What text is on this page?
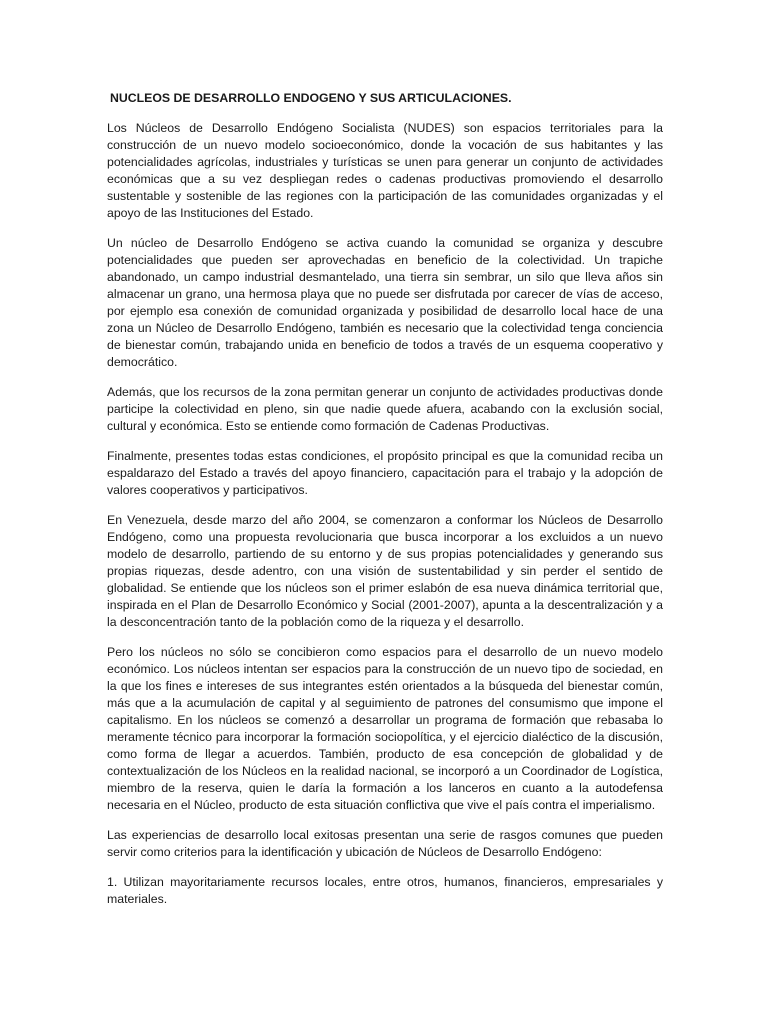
NUCLEOS DE DESARROLLO ENDOGENO Y SUS ARTICULACIONES.

Los Núcleos de Desarrollo Endógeno Socialista (NUDES) son espacios territoriales para la construcción de un nuevo modelo socioeconómico, donde la vocación de sus habitantes y las potencialidades agrícolas, industriales y turísticas se unen para generar un conjunto de actividades económicas que a su vez despliegan redes o cadenas productivas promoviendo el desarrollo sustentable y sostenible de las regiones con la participación de las comunidades organizadas y el apoyo de las Instituciones del Estado.

Un núcleo de Desarrollo Endógeno se activa cuando la comunidad se organiza y descubre potencialidades que pueden ser aprovechadas en beneficio de la colectividad. Un trapiche abandonado, un campo industrial desmantelado, una tierra sin sembrar, un silo que lleva años sin almacenar un grano, una hermosa playa que no puede ser disfrutada por carecer de vías de acceso, por ejemplo esa conexión de comunidad organizada y posibilidad de desarrollo local hace de una zona un Núcleo de Desarrollo Endógeno, también es necesario que la colectividad tenga conciencia de bienestar común, trabajando unida en beneficio de todos a través de un esquema cooperativo y democrático.

Además, que los recursos de la zona permitan generar un conjunto de actividades productivas donde participe la colectividad en pleno, sin que nadie quede afuera, acabando con la exclusión social, cultural y económica. Esto se entiende como formación de Cadenas Productivas.

Finalmente, presentes todas estas condiciones, el propósito principal es que la comunidad reciba un espaldarazo del Estado a través del apoyo financiero, capacitación para el trabajo y la adopción de valores cooperativos y participativos.

En Venezuela, desde marzo del año 2004, se comenzaron a conformar los Núcleos de Desarrollo Endógeno, como una propuesta revolucionaria que busca incorporar a los excluidos a un nuevo modelo de desarrollo, partiendo de su entorno y de sus propias potencialidades y generando sus propias riquezas, desde adentro, con una visión de sustentabilidad y sin perder el sentido de globalidad. Se entiende que los núcleos son el primer eslabón de esa nueva dinámica territorial que, inspirada en el Plan de Desarrollo Económico y Social (2001-2007), apunta a la descentralización y a la desconcentración tanto de la población como de la riqueza y el desarrollo.

Pero los núcleos no sólo se concibieron como espacios para el desarrollo de un nuevo modelo económico. Los núcleos intentan ser espacios para la construcción de un nuevo tipo de sociedad, en la que los fines e intereses de sus integrantes estén orientados a la búsqueda del bienestar común, más que a la acumulación de capital y al seguimiento de patrones del consumismo que impone el capitalismo. En los núcleos se comenzó a desarrollar un programa de formación que rebasaba lo meramente técnico para incorporar la formación sociopolítica, y el ejercicio dialéctico de la discusión, como forma de llegar a acuerdos. También, producto de esa concepción de globalidad y de contextualización de los Núcleos en la realidad nacional, se incorporó a un Coordinador de Logística, miembro de la reserva, quien le daría la formación a los lanceros en cuanto a la autodefensa necesaria en el Núcleo, producto de esta situación conflictiva que vive el país contra el imperialismo.

Las experiencias de desarrollo local exitosas presentan una serie de rasgos comunes que pueden servir como criterios para la identificación y ubicación de Núcleos de Desarrollo Endógeno:

1. Utilizan mayoritariamente recursos locales, entre otros, humanos, financieros, empresariales y materiales.
